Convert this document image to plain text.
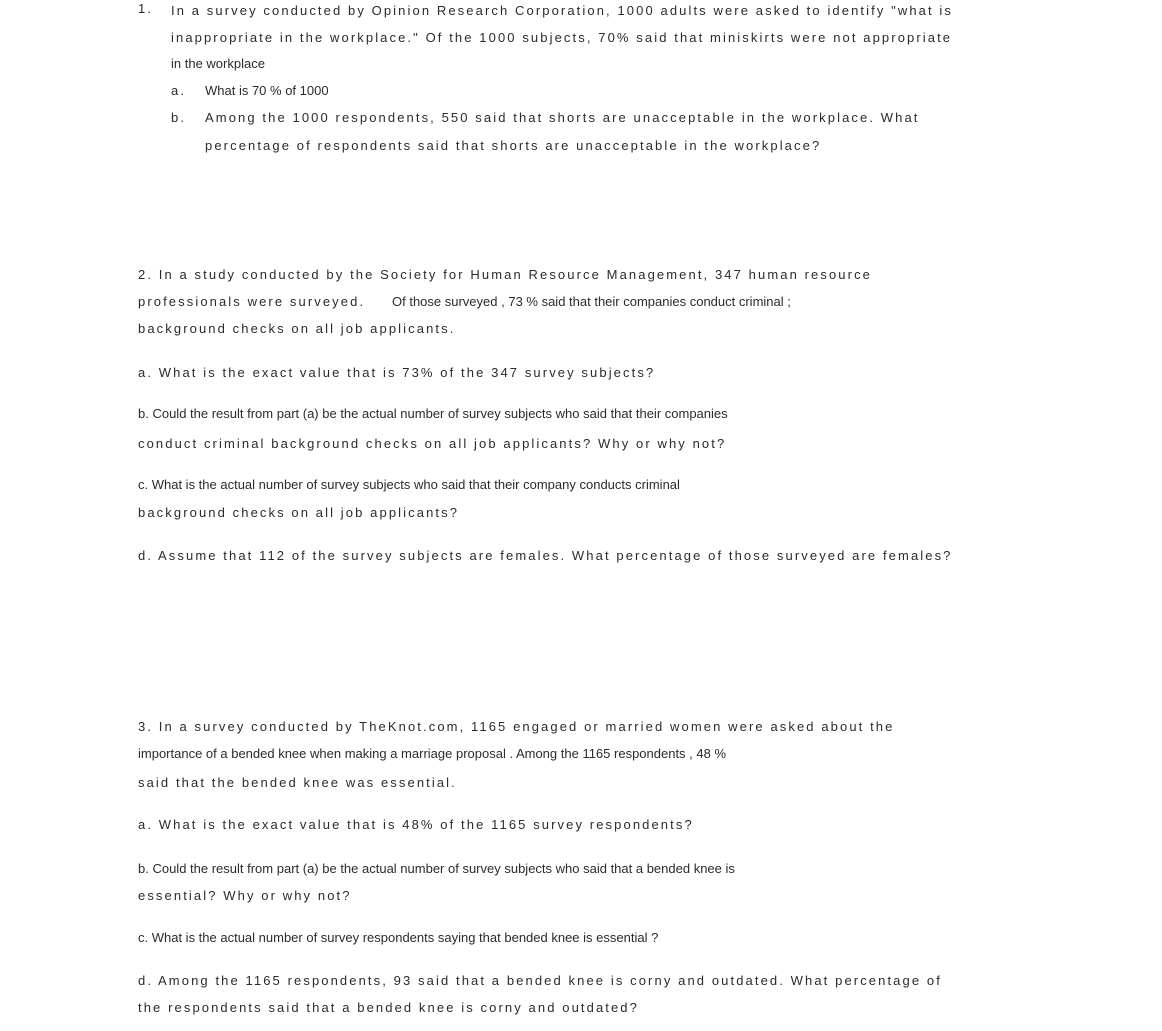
1. In a survey conducted by Opinion Research Corporation, 1000 adults were asked to identify "what is
inappropriate in the workplace." Of the 1000 subjects, 70% said that miniskirts were not appropriate
in the workplace
a. What is 70 % of 1000
b. Among the 1000 respondents, 550 said that shorts are unacceptable in the workplace. What
percentage of respondents said that shorts are unacceptable in the workplace?
2. In a study conducted by the Society for Human Resource Management, 347 human resource
professionals were surveyed. Of those surveyed , 73 % said that their companies conduct criminal ;
background checks on all job applicants.
a. What is the exact value that is 73% of the 347 survey subjects?
b. Could the result from part (a) be the actual number of survey subjects who said that their companies
conduct criminal background checks on all job applicants? Why or why not?
c. What is the actual number of survey subjects who said that their company conducts criminal
background checks on all job applicants?
d. Assume that 112 of the survey subjects are females. What percentage of those surveyed are females?
3. In a survey conducted by TheKnot.com, 1165 engaged or married women were asked about the
importance of a bended knee when making a marriage proposal . Among the 1165 respondents , 48 %
said that the bended knee was essential.
a. What is the exact value that is 48% of the 1165 survey respondents?
b. Could the result from part (a) be the actual number of survey subjects who said that a bended knee is
essential? Why or why not?
c. What is the actual number of survey respondents saying that bended knee is essential ?
d. Among the 1165 respondents, 93 said that a bended knee is corny and outdated. What percentage of
the respondents said that a bended knee is corny and outdated?
